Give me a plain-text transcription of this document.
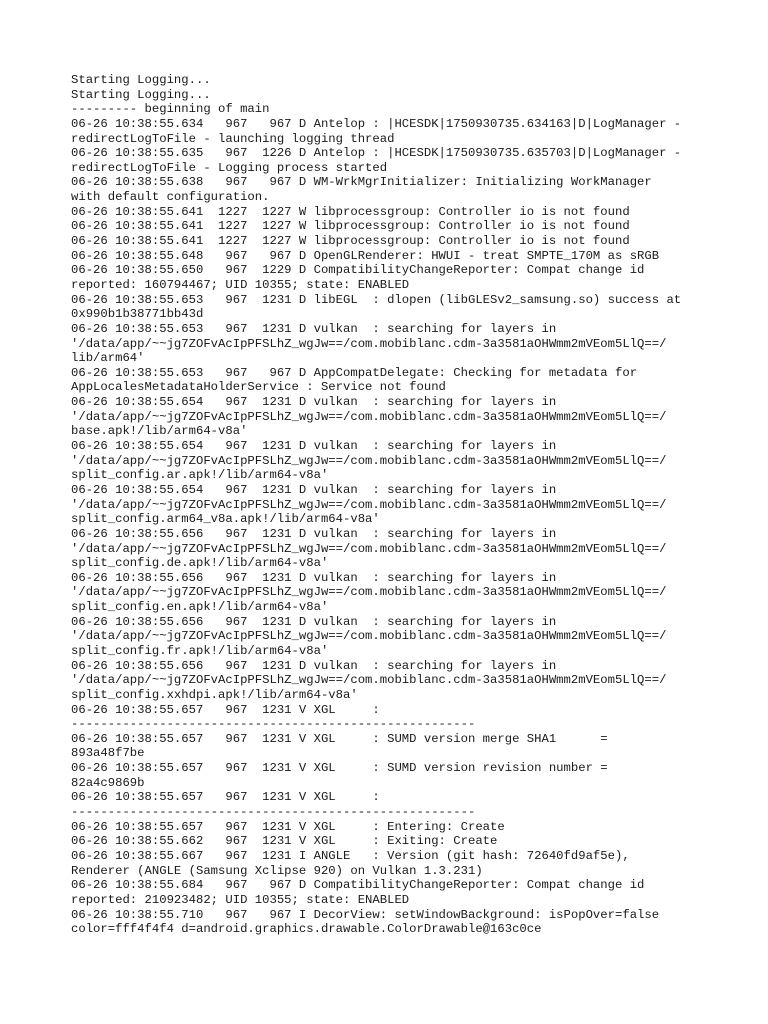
Starting Logging...
Starting Logging...
--------- beginning of main
06-26 10:38:55.634   967   967 D Antelop : |HCESDK|1750930735.634163|D|LogManager -
redirectLogToFile - launching logging thread
06-26 10:38:55.635   967  1226 D Antelop : |HCESDK|1750930735.635703|D|LogManager -
redirectLogToFile - Logging process started
06-26 10:38:55.638   967   967 D WM-WrkMgrInitializer: Initializing WorkManager
with default configuration.
06-26 10:38:55.641  1227  1227 W libprocessgroup: Controller io is not found
06-26 10:38:55.641  1227  1227 W libprocessgroup: Controller io is not found
06-26 10:38:55.641  1227  1227 W libprocessgroup: Controller io is not found
06-26 10:38:55.648   967   967 D OpenGLRenderer: HWUI - treat SMPTE_170M as sRGB
06-26 10:38:55.650   967  1229 D CompatibilityChangeReporter: Compat change id
reported: 160794467; UID 10355; state: ENABLED
06-26 10:38:55.653   967  1231 D libEGL  : dlopen (libGLESv2_samsung.so) success at
0x990b1b38771bb43d
06-26 10:38:55.653   967  1231 D vulkan  : searching for layers in
'/data/app/~~jg7ZOFvAcIpPFSLhZ_wgJw==/com.mobiblanc.cdm-3a3581aOHWmm2mVEom5LlQ==/
lib/arm64'
06-26 10:38:55.653   967   967 D AppCompatDelegate: Checking for metadata for
AppLocalesMetadataHolderService : Service not found
06-26 10:38:55.654   967  1231 D vulkan  : searching for layers in
'/data/app/~~jg7ZOFvAcIpPFSLhZ_wgJw==/com.mobiblanc.cdm-3a3581aOHWmm2mVEom5LlQ==/
base.apk!/lib/arm64-v8a'
06-26 10:38:55.654   967  1231 D vulkan  : searching for layers in
'/data/app/~~jg7ZOFvAcIpPFSLhZ_wgJw==/com.mobiblanc.cdm-3a3581aOHWmm2mVEom5LlQ==/
split_config.ar.apk!/lib/arm64-v8a'
06-26 10:38:55.654   967  1231 D vulkan  : searching for layers in
'/data/app/~~jg7ZOFvAcIpPFSLhZ_wgJw==/com.mobiblanc.cdm-3a3581aOHWmm2mVEom5LlQ==/
split_config.arm64_v8a.apk!/lib/arm64-v8a'
06-26 10:38:55.656   967  1231 D vulkan  : searching for layers in
'/data/app/~~jg7ZOFvAcIpPFSLhZ_wgJw==/com.mobiblanc.cdm-3a3581aOHWmm2mVEom5LlQ==/
split_config.de.apk!/lib/arm64-v8a'
06-26 10:38:55.656   967  1231 D vulkan  : searching for layers in
'/data/app/~~jg7ZOFvAcIpPFSLhZ_wgJw==/com.mobiblanc.cdm-3a3581aOHWmm2mVEom5LlQ==/
split_config.en.apk!/lib/arm64-v8a'
06-26 10:38:55.656   967  1231 D vulkan  : searching for layers in
'/data/app/~~jg7ZOFvAcIpPFSLhZ_wgJw==/com.mobiblanc.cdm-3a3581aOHWmm2mVEom5LlQ==/
split_config.fr.apk!/lib/arm64-v8a'
06-26 10:38:55.656   967  1231 D vulkan  : searching for layers in
'/data/app/~~jg7ZOFvAcIpPFSLhZ_wgJw==/com.mobiblanc.cdm-3a3581aOHWmm2mVEom5LlQ==/
split_config.xxhdpi.apk!/lib/arm64-v8a'
06-26 10:38:55.657   967  1231 V XGL     :
-------------------------------------------------------
06-26 10:38:55.657   967  1231 V XGL     : SUMD version merge SHA1      =
893a48f7be
06-26 10:38:55.657   967  1231 V XGL     : SUMD version revision number =
82a4c9869b
06-26 10:38:55.657   967  1231 V XGL     :
-------------------------------------------------------
06-26 10:38:55.657   967  1231 V XGL     : Entering: Create
06-26 10:38:55.662   967  1231 V XGL     : Exiting: Create
06-26 10:38:55.667   967  1231 I ANGLE   : Version (git hash: 72640fd9af5e),
Renderer (ANGLE (Samsung Xclipse 920) on Vulkan 1.3.231)
06-26 10:38:55.684   967   967 D CompatibilityChangeReporter: Compat change id
reported: 210923482; UID 10355; state: ENABLED
06-26 10:38:55.710   967   967 I DecorView: setWindowBackground: isPopOver=false
color=fff4f4f4 d=android.graphics.drawable.ColorDrawable@163c0ce
